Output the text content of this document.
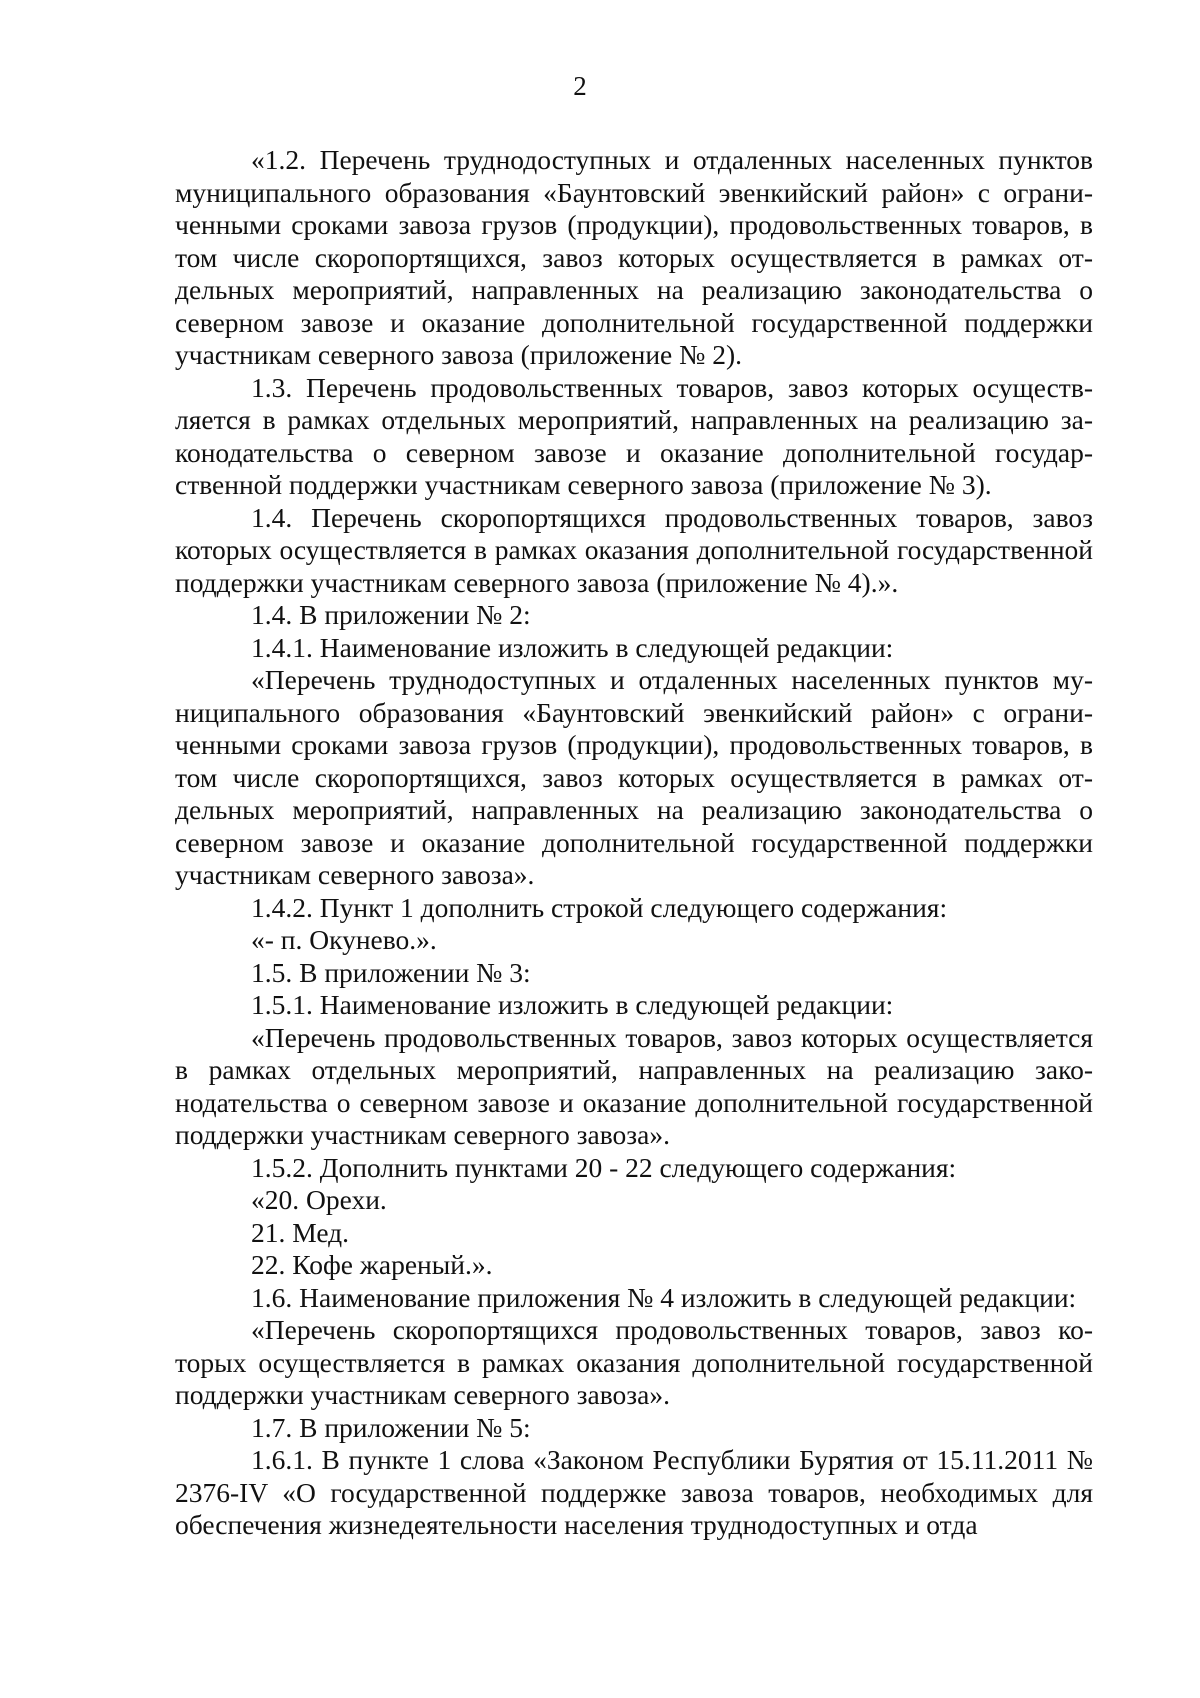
2

«1.2. Перечень труднодоступных и отдаленных населенных пунктов муниципального образования «Баунтовский эвенкийский район» с ограниченными сроками завоза грузов (продукции), продовольственных товаров, в том числе скоропортящихся, завоз которых осуществляется в рамках отдельных мероприятий, направленных на реализацию законодательства о северном завозе и оказание дополнительной государственной поддержки участникам северного завоза (приложение № 2).

1.3. Перечень продовольственных товаров, завоз которых осуществляется в рамках отдельных мероприятий, направленных на реализацию законодательства о северном завозе и оказание дополнительной государственной поддержки участникам северного завоза (приложение № 3).

1.4. Перечень скоропортящихся продовольственных товаров, завоз которых осуществляется в рамках оказания дополнительной государственной поддержки участникам северного завоза (приложение № 4).».

1.4. В приложении № 2:

1.4.1. Наименование изложить в следующей редакции:

«Перечень труднодоступных и отдаленных населенных пунктов муниципального образования «Баунтовский эвенкийский район» с ограниченными сроками завоза грузов (продукции), продовольственных товаров, в том числе скоропортящихся, завоз которых осуществляется в рамках отдельных мероприятий, направленных на реализацию законодательства о северном завозе и оказание дополнительной государственной поддержки участникам северного завоза».

1.4.2. Пункт 1 дополнить строкой следующего содержания:

«- п. Окунево.».

1.5. В приложении № 3:

1.5.1. Наименование изложить в следующей редакции:

«Перечень продовольственных товаров, завоз которых осуществляется в рамках отдельных мероприятий, направленных на реализацию законодательства о северном завозе и оказание дополнительной государственной поддержки участникам северного завоза».

1.5.2. Дополнить пунктами 20 - 22 следующего содержания:

«20. Орехи.

21. Мед.

22. Кофе жареный.».

1.6. Наименование приложения № 4 изложить в следующей редакции:

«Перечень скоропортящихся продовольственных товаров, завоз которых осуществляется в рамках оказания дополнительной государственной поддержки участникам северного завоза».

1.7. В приложении № 5:

1.6.1. В пункте 1 слова «Законом Республики Бурятия от 15.11.2011 № 2376-IV «О государственной поддержке завоза товаров, необходимых для обеспечения жизнедеятельности населения труднодоступных и отда
